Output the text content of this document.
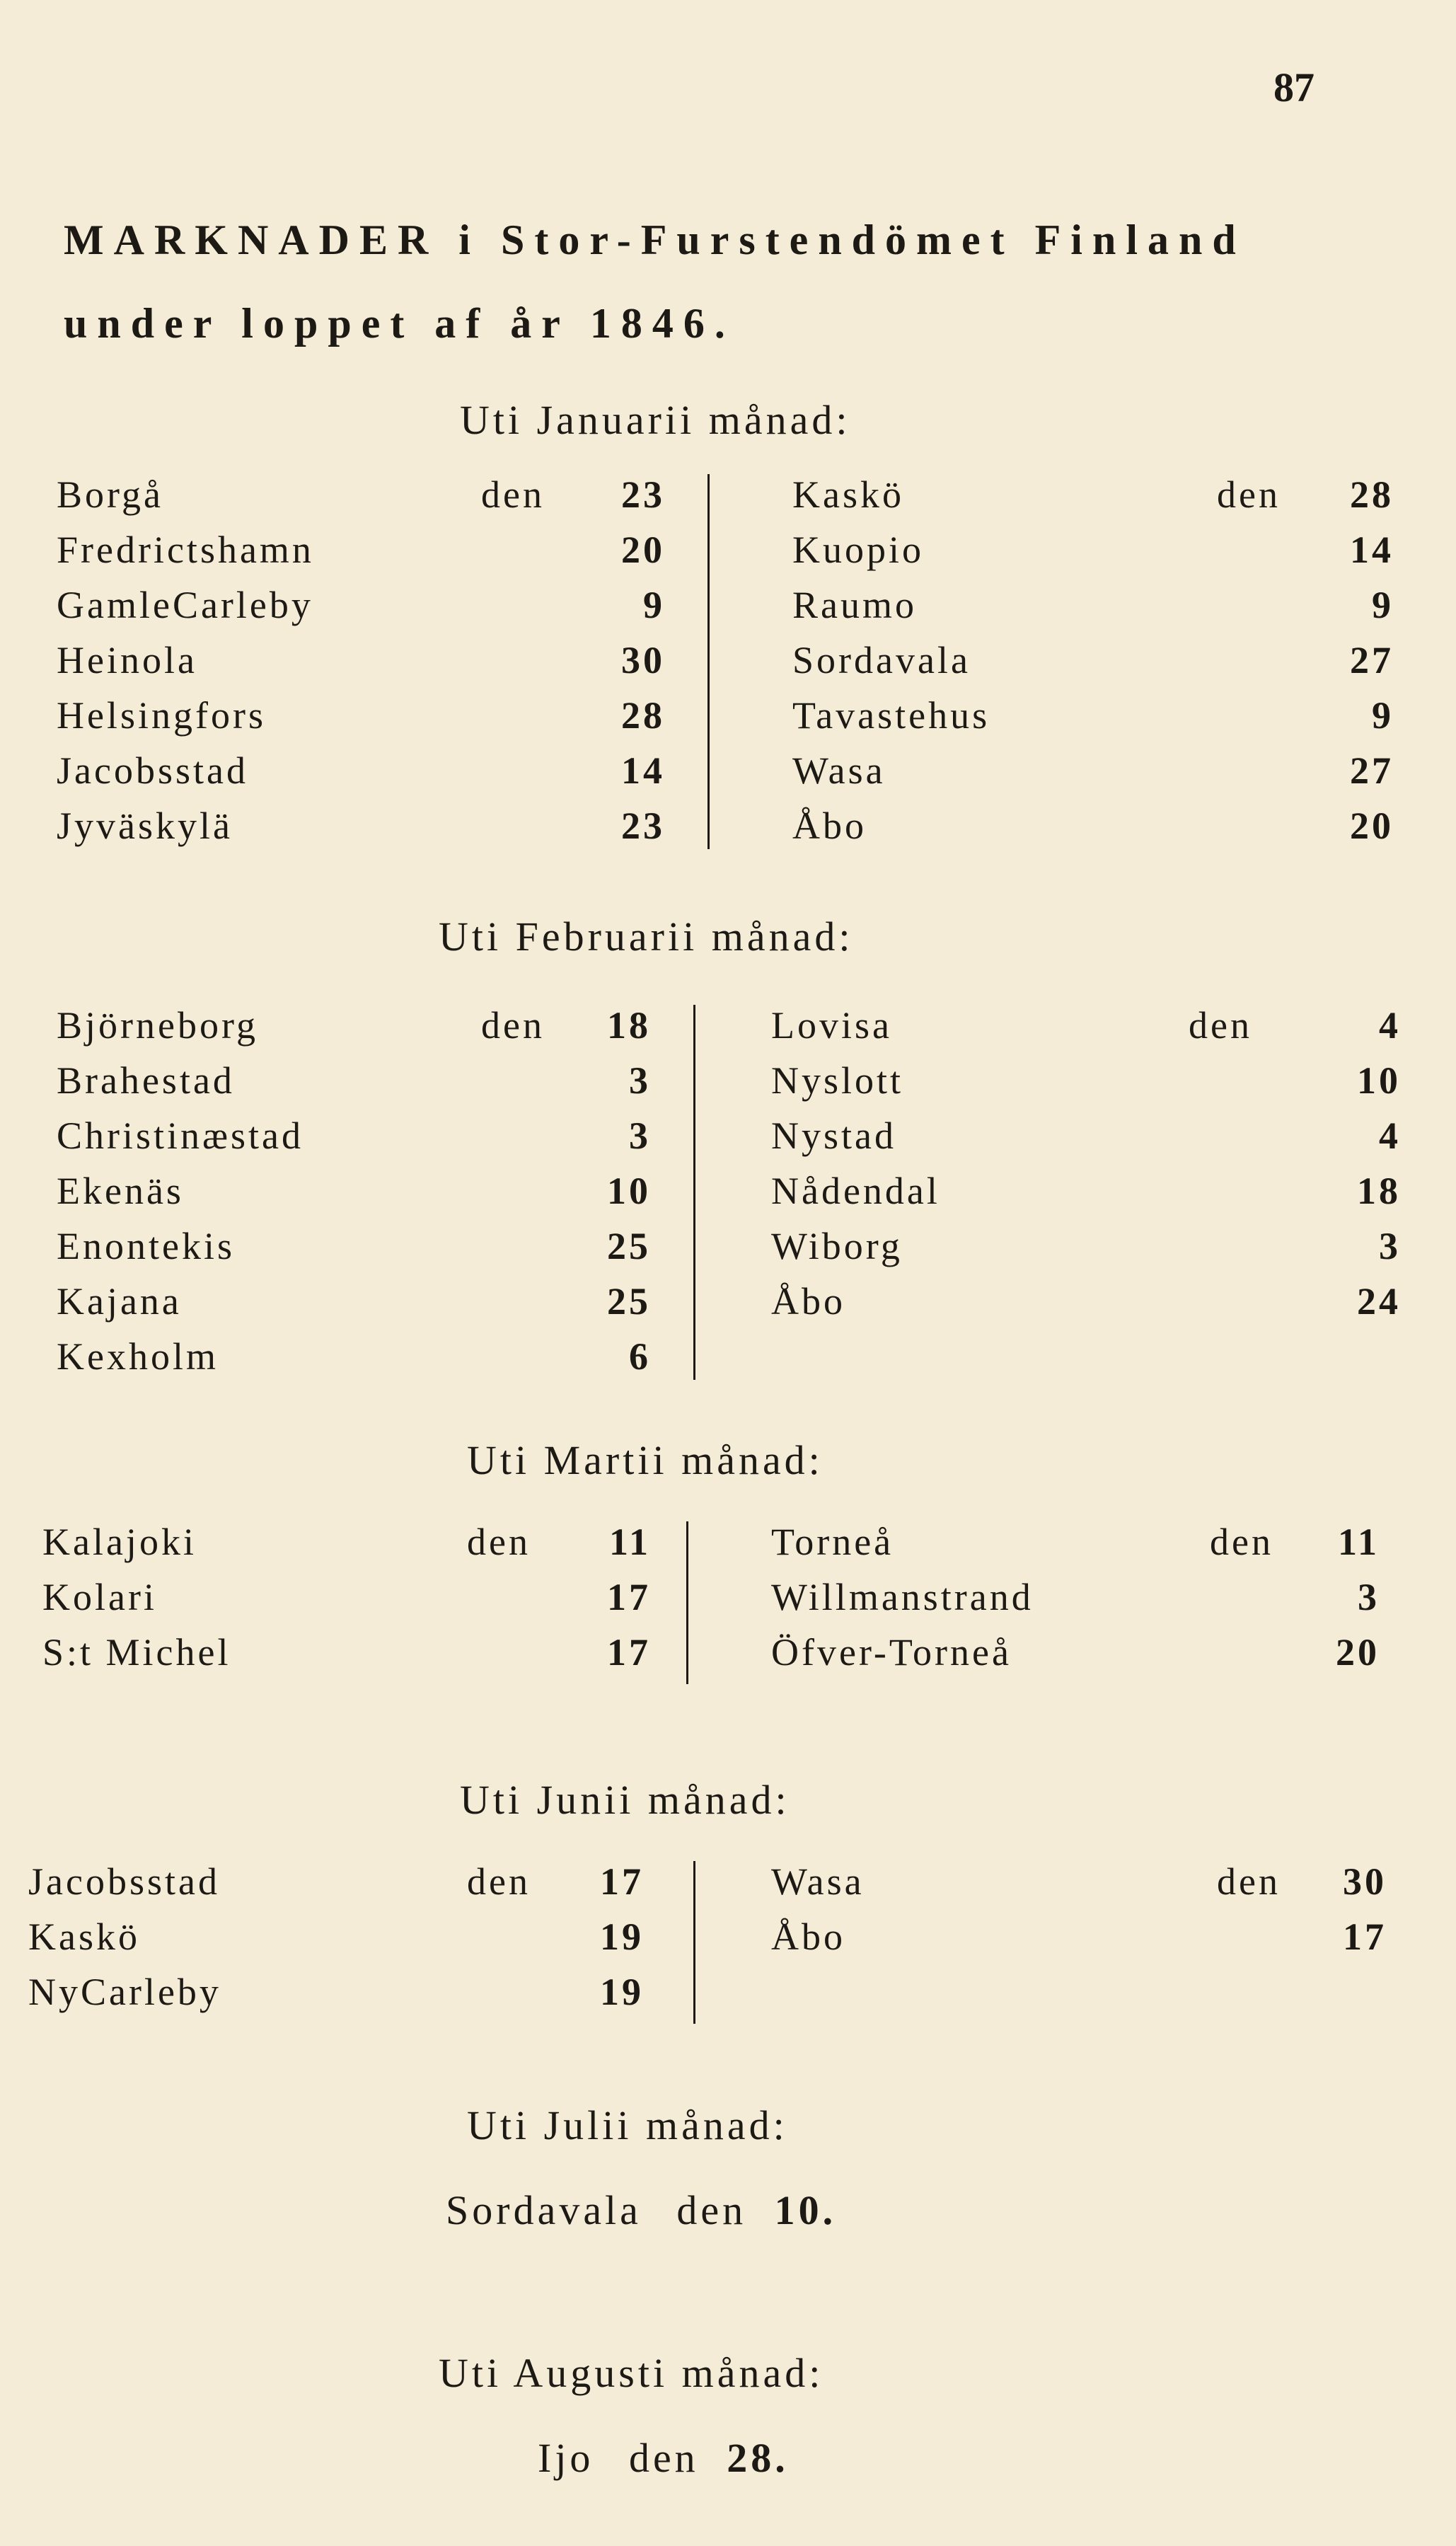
87
MARKNADER i Stor-Furstendömet Finland under loppet af år 1846.
Uti Januarii månad:
Borgå	den	23
Fredrictshamn	20
GamleCarleby	9
Heinola	30
Helsingfors	28
Jacobsstad	14
Jyväskylä	23
Kaskö	den	28
Kuopio	14
Raumo	9
Sordavala	27
Tavastehus	9
Wasa	27
Åbo	20
Uti Februarii månad:
Björneborg	den	18
Brahestad	3
Christinæstad	3
Ekenäs	10
Enontekis	25
Kajana	25
Kexholm	6
Lovisa	den	4
Nyslott	10
Nystad	4
Nådendal	18
Wiborg	3
Åbo	24
Uti Martii månad:
Kalajoki	den	11
Kolari	17
S:t Michel	17
Torneå	den	11
Willmanstrand	3
Öfver-Torneå	20
Uti Junii månad:
Jacobsstad	den	17
Kaskö	19
NyCarleby	19
Wasa	den	30
Åbo	17
Uti Julii månad:
Sordavala den 10.
Uti Augusti månad:
Ijo den 28.
